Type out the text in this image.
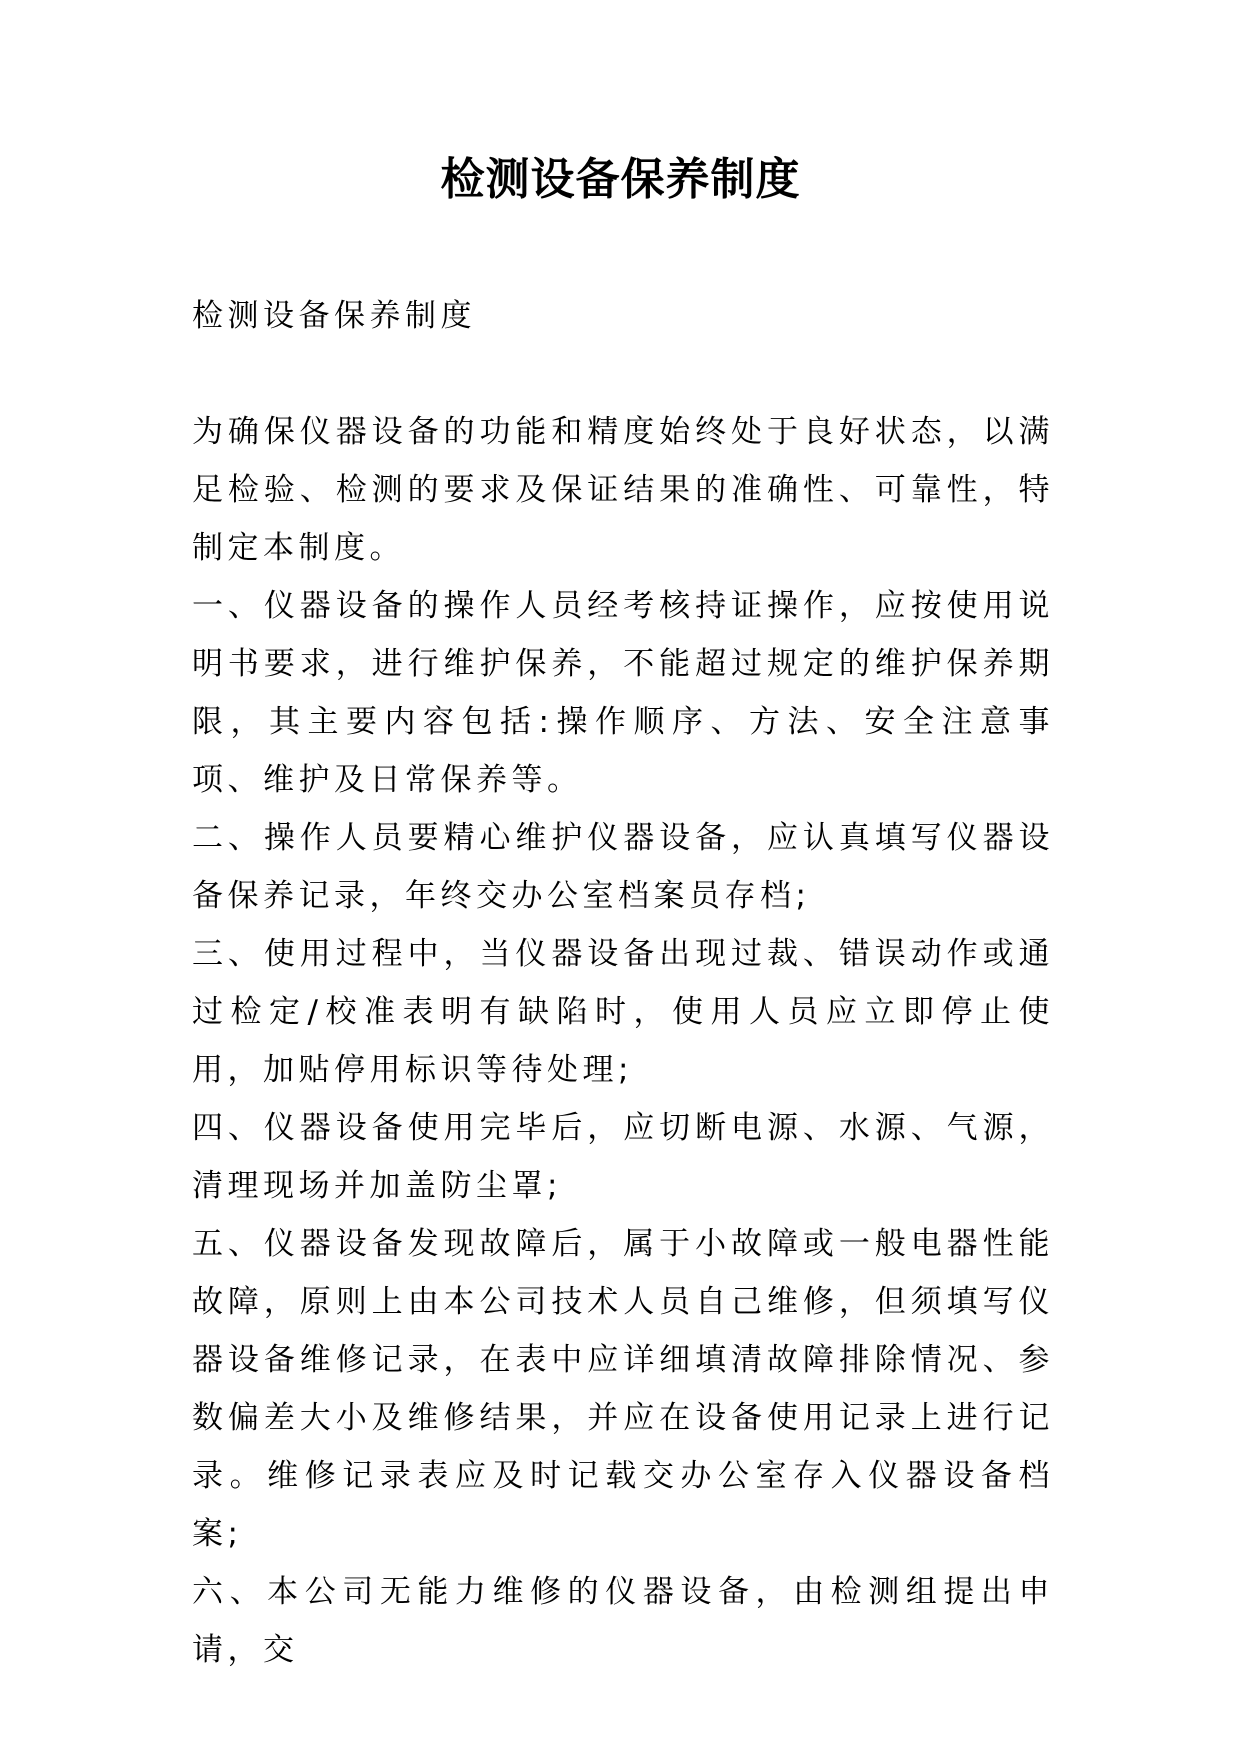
检测设备保养制度

检测设备保养制度

为确保仪器设备的功能和精度始终处于良好状态，以满足检验、检测的要求及保证结果的准确性、可靠性，特制定本制度。

一、仪器设备的操作人员经考核持证操作，应按使用说明书要求，进行维护保养，不能超过规定的维护保养期限，其主要内容包括:操作顺序、方法、安全注意事项、维护及日常保养等。

二、操作人员要精心维护仪器设备，应认真填写仪器设备保养记录，年终交办公室档案员存档;

三、使用过程中，当仪器设备出现过裁、错误动作或通过检定/校准表明有缺陷时，使用人员应立即停止使用，加贴停用标识等待处理;

四、仪器设备使用完毕后，应切断电源、水源、气源，清理现场并加盖防尘罩;

五、仪器设备发现故障后，属于小故障或一般电器性能故障，原则上由本公司技术人员自己维修，但须填写仪器设备维修记录，在表中应详细填清故障排除情况、参数偏差大小及维修结果，并应在设备使用记录上进行记录。维修记录表应及时记载交办公室存入仪器设备档案;

六、本公司无能力维修的仪器设备，由检测组提出申请，交
